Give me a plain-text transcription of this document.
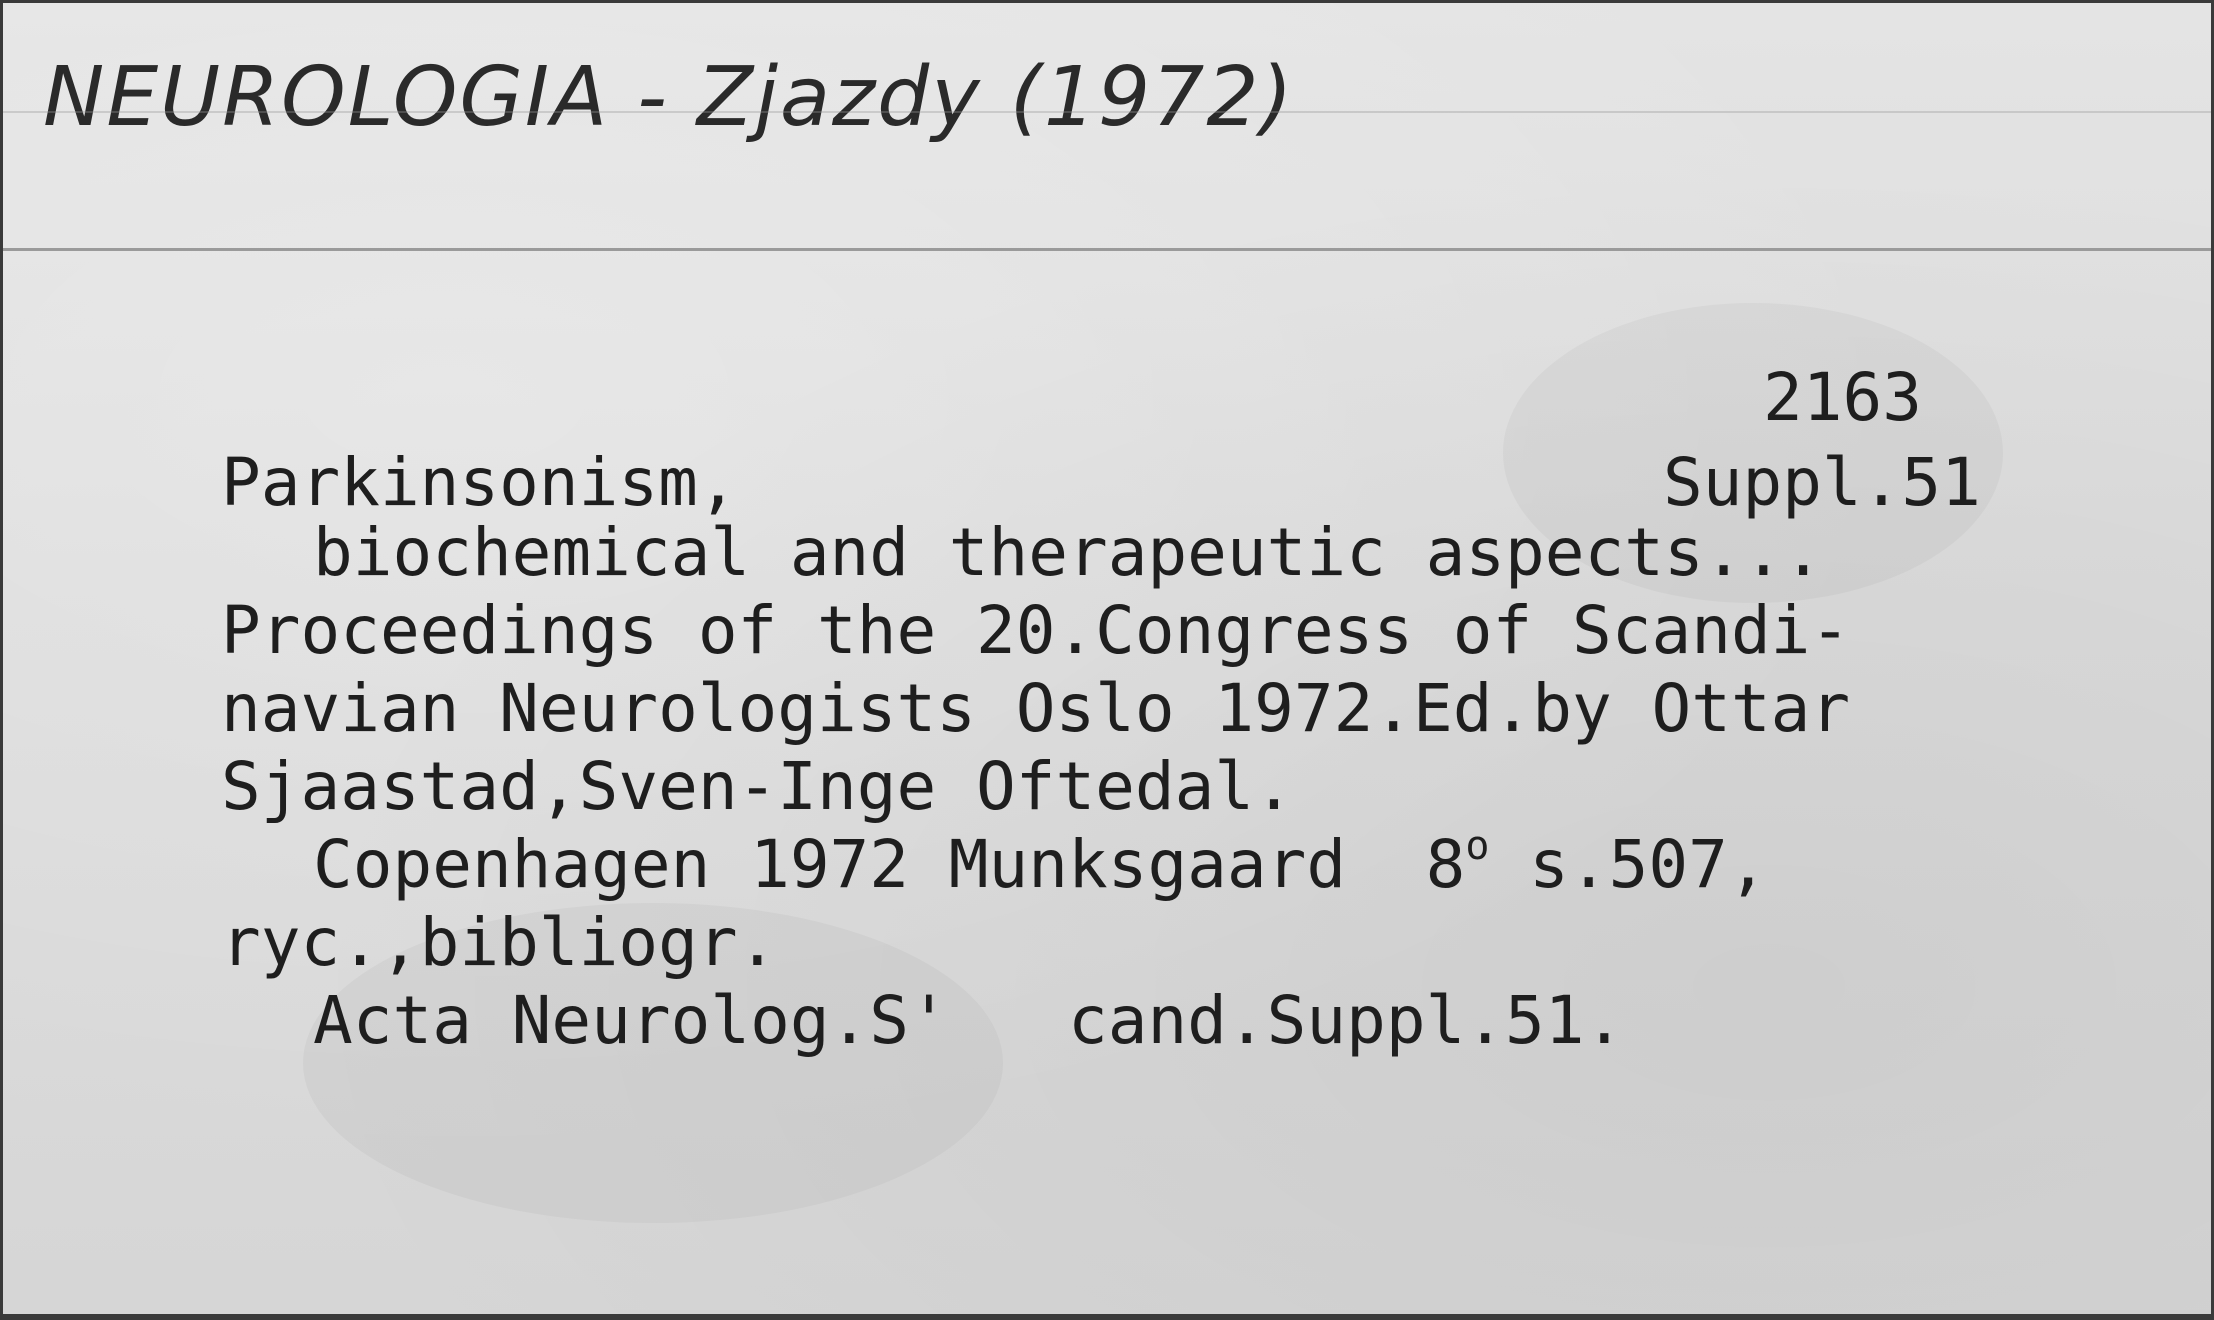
NEUROLOGIA - Zjazdy (1972)
2163
Parkinsonism,	Suppl.51
biochemical and therapeutic aspects...
Proceedings of the 20.Congress of Scandi-
navian Neurologists Oslo 1972.Ed.by Ottar
Sjaastad,Sven-Inge Oftedal.
Copenhagen 1972 Munksgaard  8$^o$ s.507,
ryc.,bibliogr.
Acta Neurolog.S'   cand.Suppl.51.
